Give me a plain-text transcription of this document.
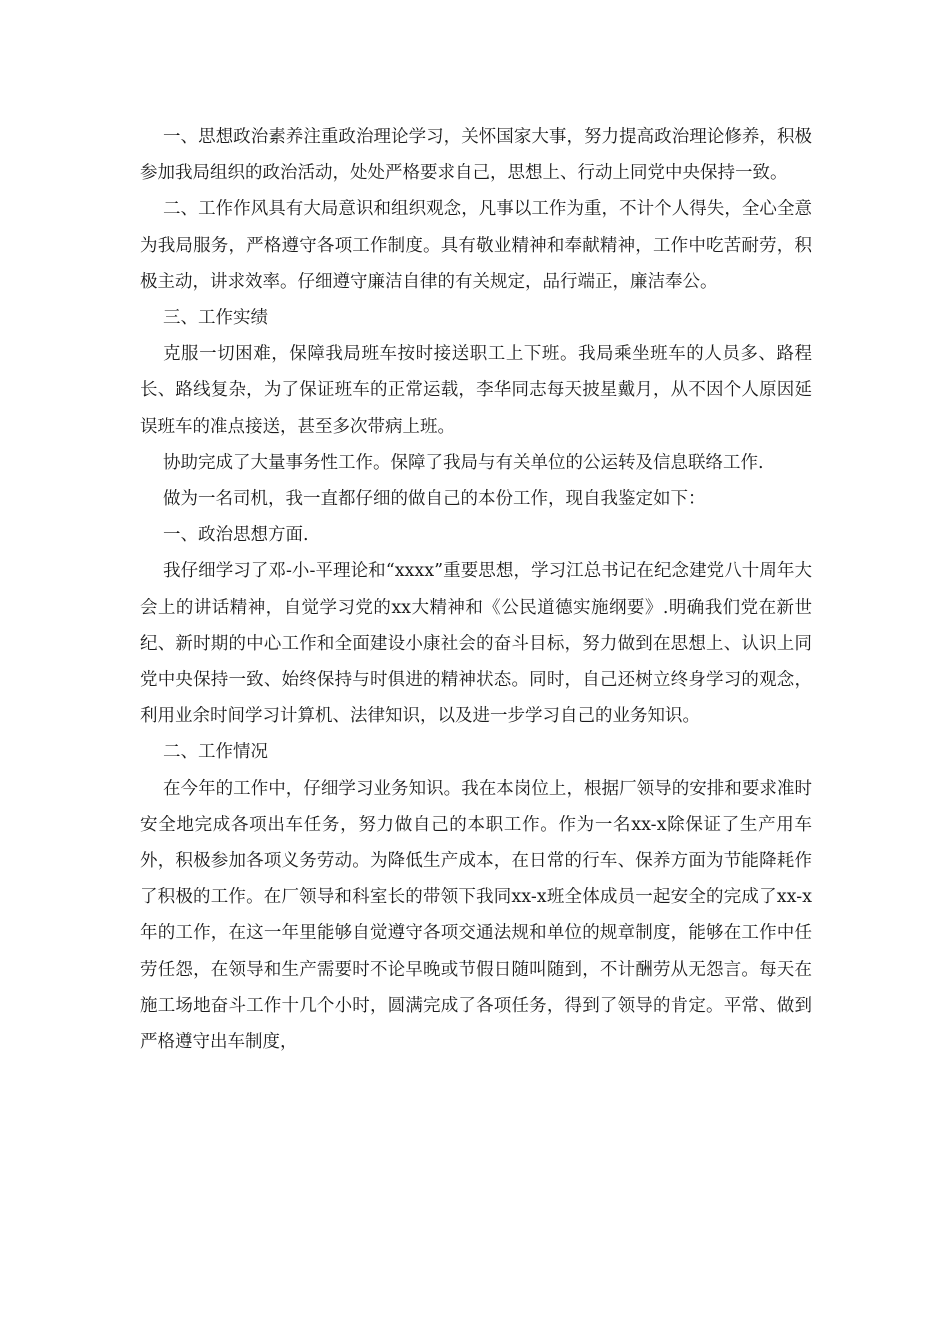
一、思想政治素养注重政治理论学习，关怀国家大事，努力提高政治理论修养，积极参加我局组织的政治活动，处处严格要求自己，思想上、行动上同党中央保持一致。

二、工作作风具有大局意识和组织观念，凡事以工作为重，不计个人得失，全心全意为我局服务，严格遵守各项工作制度。具有敬业精神和奉献精神，工作中吃苦耐劳，积极主动，讲求效率。仔细遵守廉洁自律的有关规定，品行端正，廉洁奉公。

三、工作实绩

克服一切困难，保障我局班车按时接送职工上下班。我局乘坐班车的人员多、路程长、路线复杂，为了保证班车的正常运载，李华同志每天披星戴月，从不因个人原因延误班车的准点接送，甚至多次带病上班。

协助完成了大量事务性工作。保障了我局与有关单位的公运转及信息联络工作.

做为一名司机，我一直都仔细的做自己的本份工作，现自我鉴定如下：

一、政治思想方面.

我仔细学习了邓-小-平理论和“xxxx”重要思想，学习江总书记在纪念建党八十周年大会上的讲话精神，自觉学习党的xx大精神和《公民道德实施纲要》.明确我们党在新世纪、新时期的中心工作和全面建设小康社会的奋斗目标，努力做到在思想上、认识上同党中央保持一致、始终保持与时俱进的精神状态。同时，自己还树立终身学习的观念，利用业余时间学习计算机、法律知识，以及进一步学习自己的业务知识。

二、工作情况

在今年的工作中，仔细学习业务知识。我在本岗位上，根据厂领导的安排和要求准时安全地完成各项出车任务，努力做自己的本职工作。作为一名xx-x除保证了生产用车外，积极参加各项义务劳动。为降低生产成本，在日常的行车、保养方面为节能降耗作了积极的工作。在厂领导和科室长的带领下我同xx-x班全体成员一起安全的完成了xx-x年的工作，在这一年里能够自觉遵守各项交通法规和单位的规章制度，能够在工作中任劳任怨，在领导和生产需要时不论早晚或节假日随叫随到，不计酬劳从无怨言。每天在施工场地奋斗工作十几个小时，圆满完成了各项任务，得到了领导的肯定。平常、做到严格遵守出车制度，
